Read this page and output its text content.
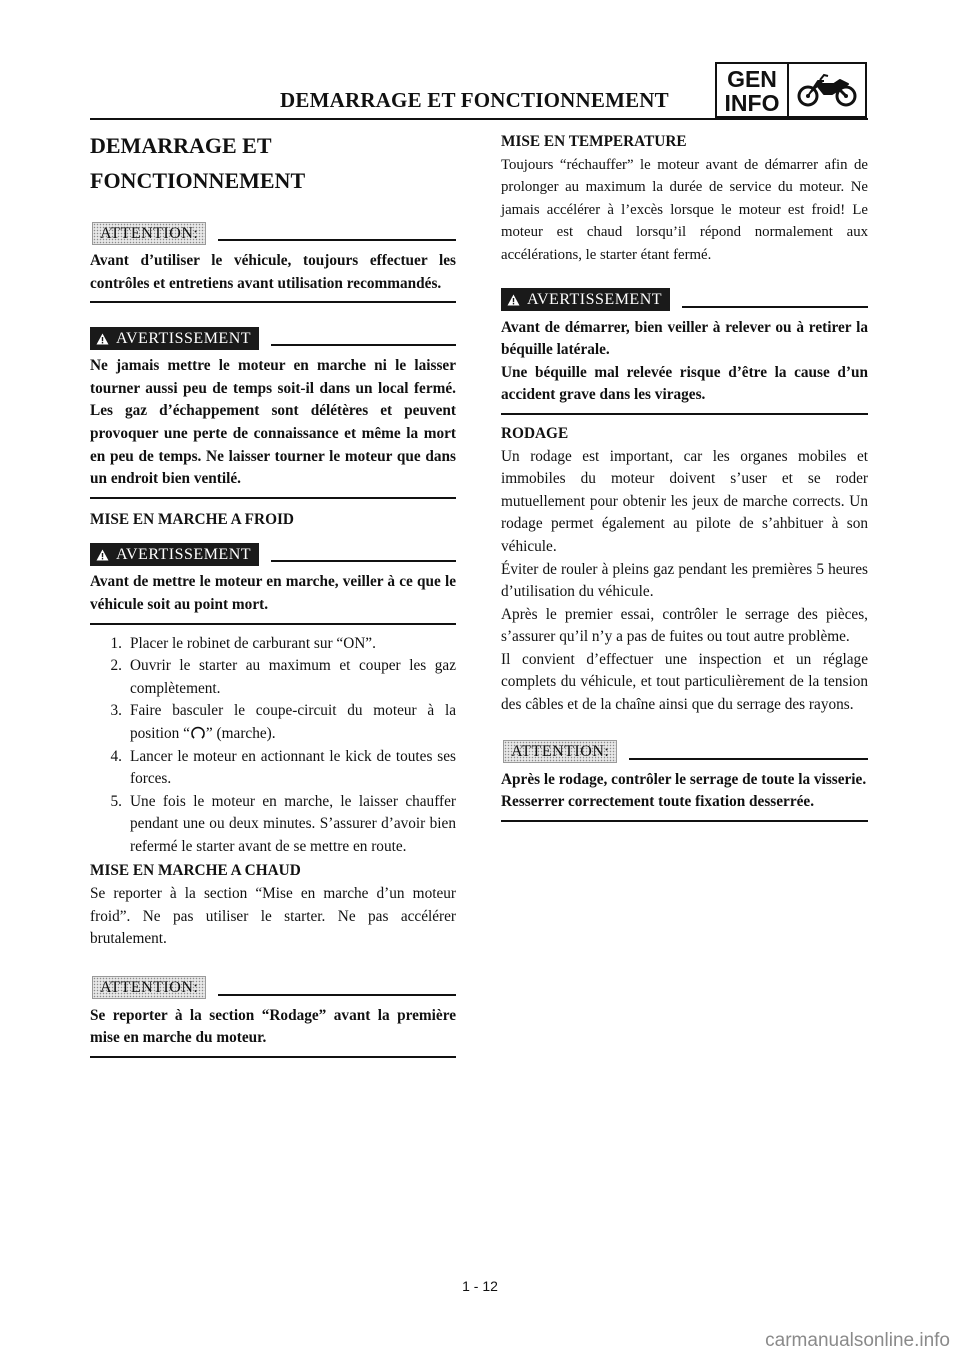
DEMARRAGE ET FONCTIONNEMENT
GEN
INFO
DEMARRAGE ET
FONCTIONNEMENT
ATTENTION:

Avant d’utiliser le véhicule, toujours effectuer les contrôles et entretiens avant utilisation recommandés.

AVERTISSEMENT

Ne jamais mettre le moteur en marche ni le laisser tourner aussi peu de temps soit-il dans un local fermé. Les gaz d’échappement sont délétères et peuvent provoquer une perte de connaissance et même la mort en peu de temps. Ne laisser tourner le moteur que dans un endroit bien ventilé.

MISE EN MARCHE A FROID

AVERTISSEMENT

Avant de mettre le moteur en marche, veiller à ce que le véhicule soit au point mort.

1. Placer le robinet de carburant sur “ON”.
2. Ouvrir le starter au maximum et couper les gaz complètement.
3. Faire basculer le coupe-circuit du moteur à la position “ ” (marche).
4. Lancer le moteur en actionnant le kick de toutes ses forces.
5. Une fois le moteur en marche, le laisser chauffer pendant une ou deux minutes. S’assurer d’avoir bien refermé le starter avant de se mettre en route.

MISE EN MARCHE A CHAUD

Se reporter à la section “Mise en marche d’un moteur froid”. Ne pas utiliser le starter. Ne pas accélérer brutalement.

ATTENTION:

Se reporter à la section “Rodage” avant la première mise en marche du moteur.

MISE EN TEMPERATURE

Toujours “réchauffer” le moteur avant de démarrer afin de prolonger au maximum la durée de service du moteur. Ne jamais accélérer à l’excès lorsque le moteur est froid! Le moteur est chaud lorsqu’il répond normalement aux accélérations, le starter étant fermé.

AVERTISSEMENT

Avant de démarrer, bien veiller à relever ou à retirer la béquille latérale.

Une béquille mal relevée risque d’être la cause d’un accident grave dans les virages.

RODAGE

Un rodage est important, car les organes mobiles et immobiles du moteur doivent s’user et se roder mutuellement pour obtenir les jeux de marche corrects. Un rodage permet également au pilote de s’ahbituer à son véhicule.

Éviter de rouler à pleins gaz pendant les premières 5 heures d’utilisation du véhicule.

Après le premier essai, contrôler le serrage des pièces, s’assurer qu’il n’y a pas de fuites ou tout autre problème.

Il convient d’effectuer une inspection et un réglage complets du véhicule, et tout particulièrement de la tension des câbles et de la chaîne ainsi que du serrage des rayons.

ATTENTION:

Après le rodage, contrôler le serrage de toute la visserie.

Resserrer correctement toute fixation desserrée.

1 - 12
carmanualsonline.info
